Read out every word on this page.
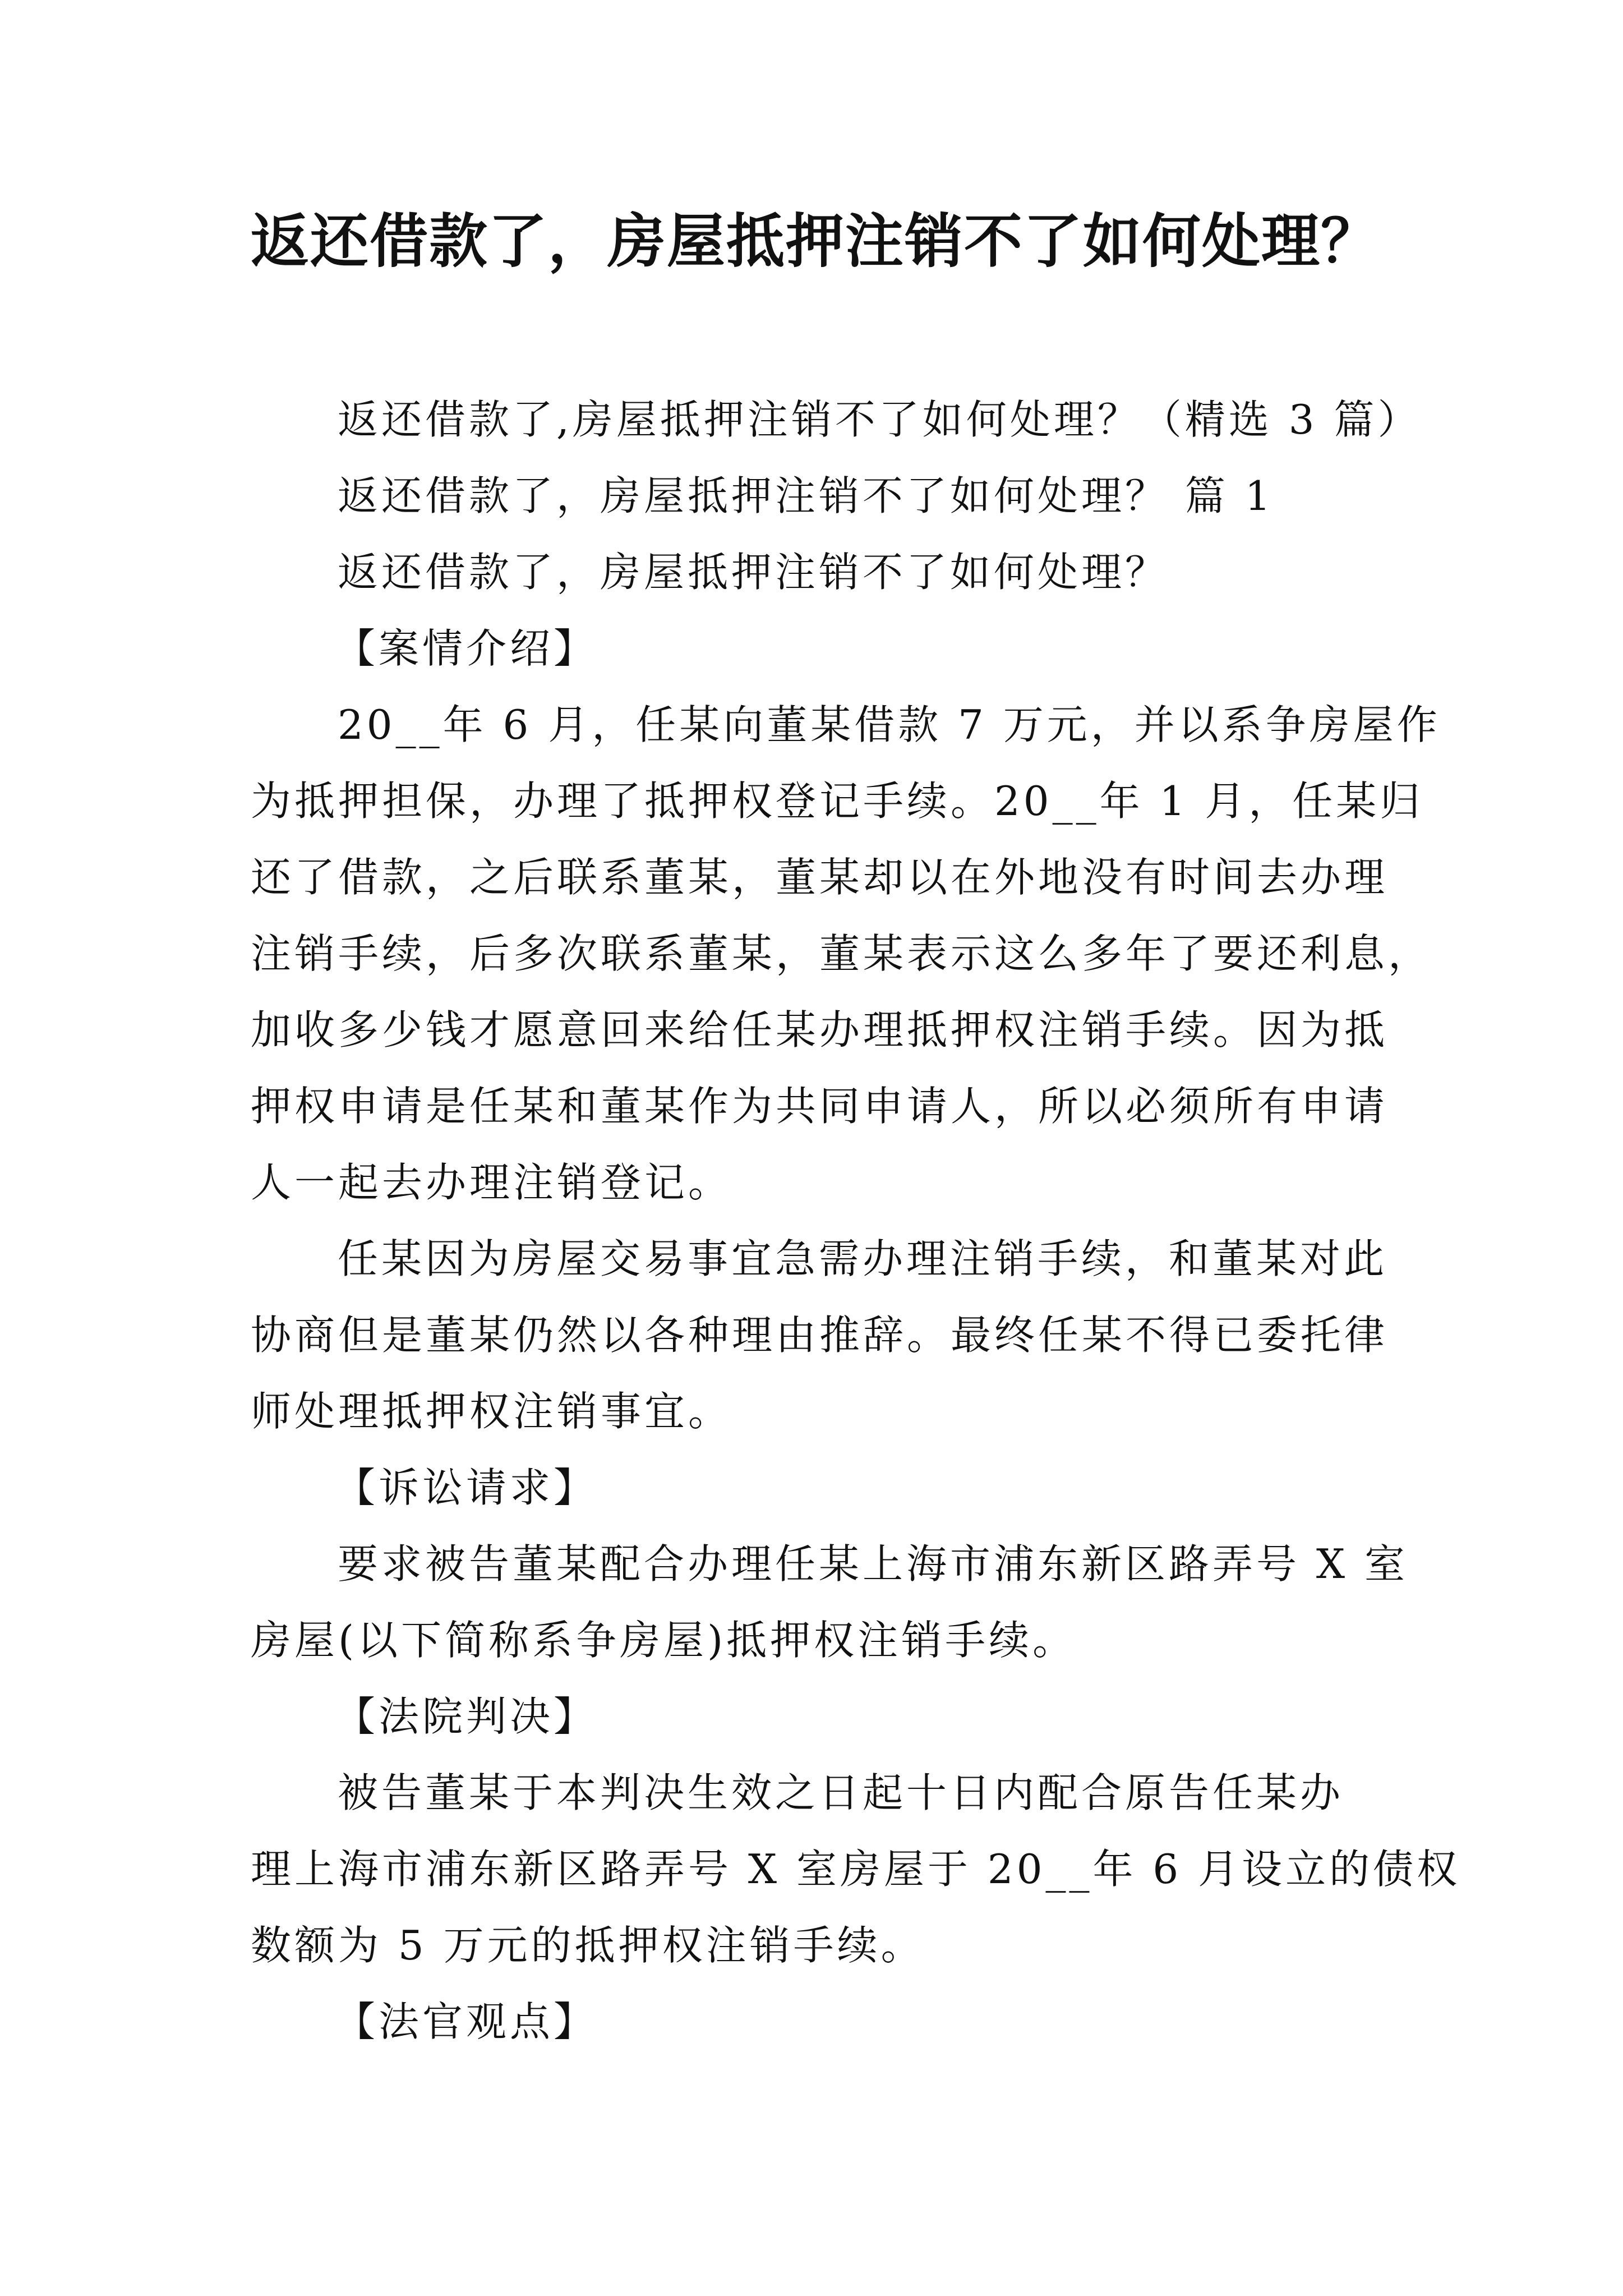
返还借款了，房屋抵押注销不了如何处理？
返还借款了,房屋抵押注销不了如何处理？（精选 3 篇）
返还借款了，房屋抵押注销不了如何处理？ 篇 1
返还借款了，房屋抵押注销不了如何处理？
【案情介绍】
20__年 6 月，任某向董某借款 7 万元，并以系争房屋作
为抵押担保，办理了抵押权登记手续。20__年 1 月，任某归
还了借款，之后联系董某，董某却以在外地没有时间去办理
注销手续，后多次联系董某，董某表示这么多年了要还利息，
加收多少钱才愿意回来给任某办理抵押权注销手续。因为抵
押权申请是任某和董某作为共同申请人，所以必须所有申请
人一起去办理注销登记。
任某因为房屋交易事宜急需办理注销手续，和董某对此
协商但是董某仍然以各种理由推辞。最终任某不得已委托律
师处理抵押权注销事宜。
【诉讼请求】
要求被告董某配合办理任某上海市浦东新区路弄号 X 室
房屋(以下简称系争房屋)抵押权注销手续。
【法院判决】
被告董某于本判决生效之日起十日内配合原告任某办
理上海市浦东新区路弄号 X 室房屋于 20__年 6 月设立的债权
数额为 5 万元的抵押权注销手续。
【法官观点】
